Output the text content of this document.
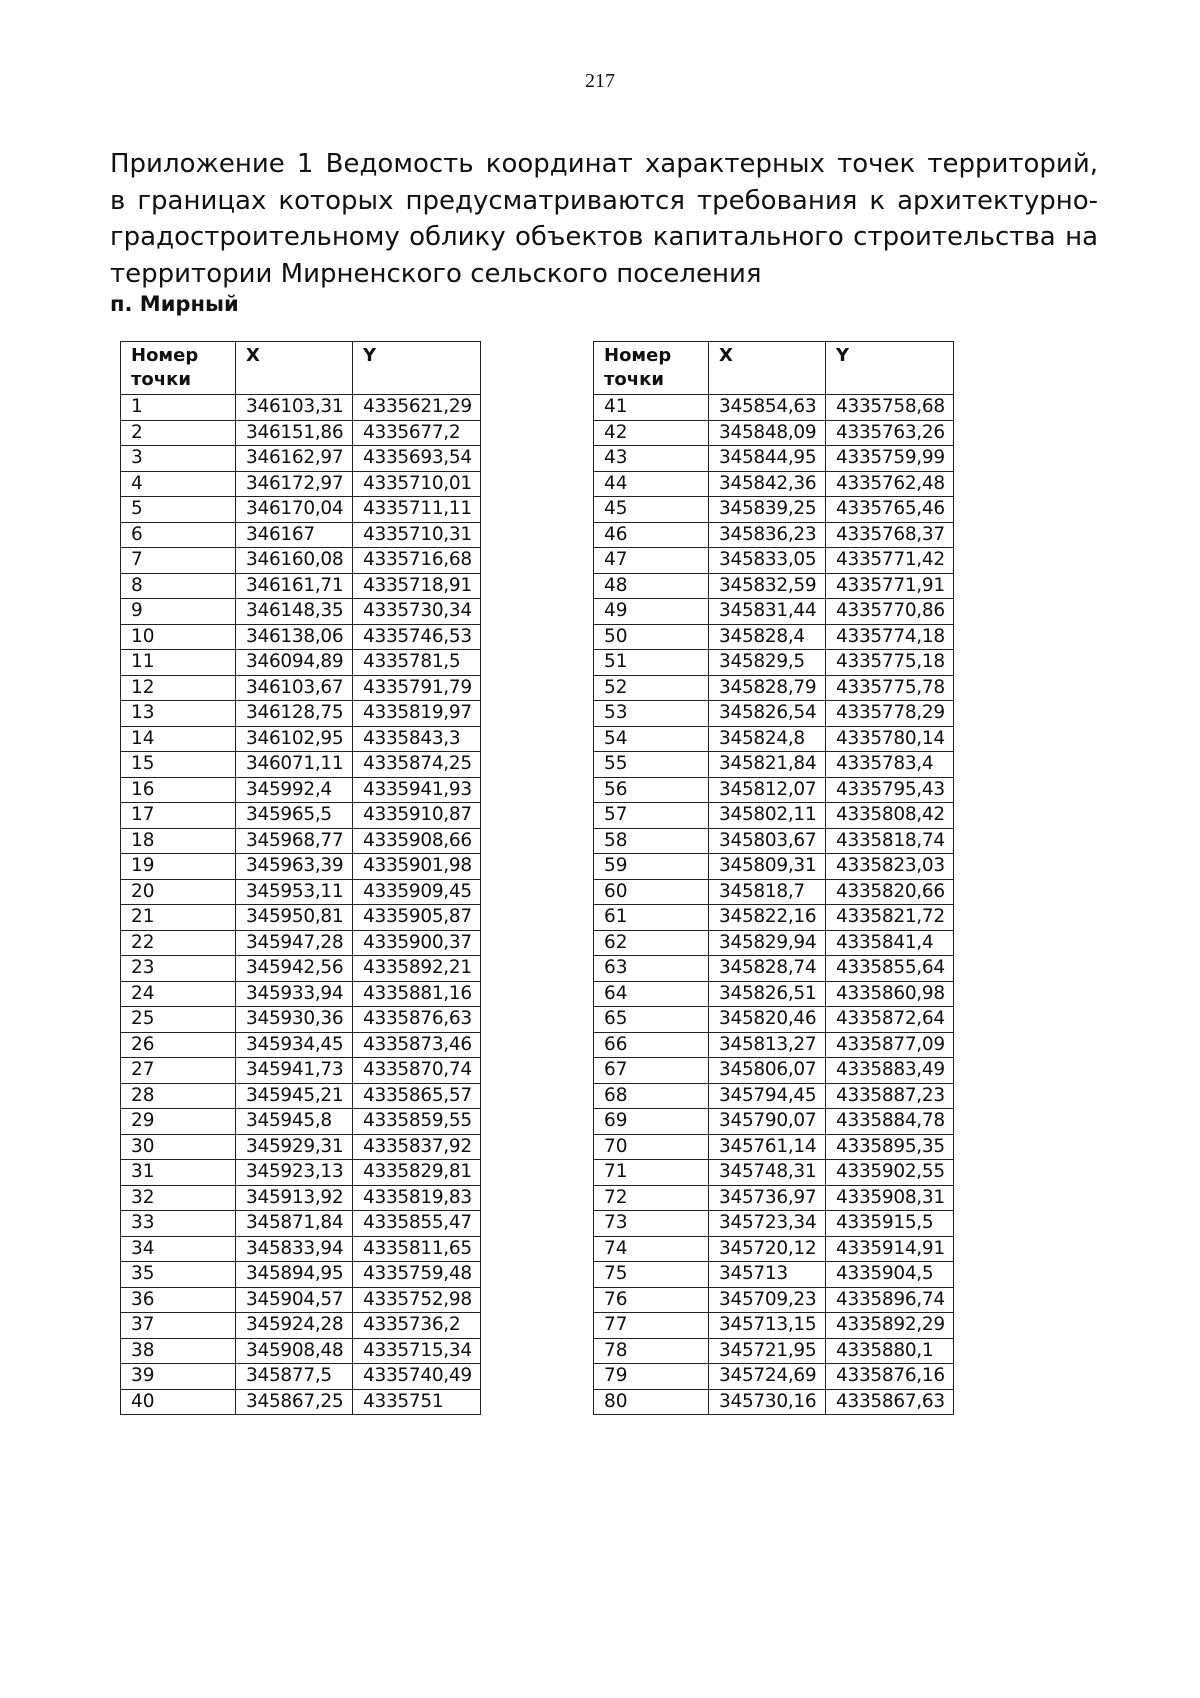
217

Приложение 1 Ведомость координат характерных точек территорий, в границах которых предусматриваются требования к архитектурно-градостроительному облику объектов капитального строительства на территории Мирненского сельского поселения

п. Мирный
Номер точки	X	Y
1	346103,31	4335621,29
2	346151,86	4335677,2
3	346162,97	4335693,54
4	346172,97	4335710,01
5	346170,04	4335711,11
6	346167	4335710,31
7	346160,08	4335716,68
8	346161,71	4335718,91
9	346148,35	4335730,34
10	346138,06	4335746,53
11	346094,89	4335781,5
12	346103,67	4335791,79
13	346128,75	4335819,97
14	346102,95	4335843,3
15	346071,11	4335874,25
16	345992,4	4335941,93
17	345965,5	4335910,87
18	345968,77	4335908,66
19	345963,39	4335901,98
20	345953,11	4335909,45
21	345950,81	4335905,87
22	345947,28	4335900,37
23	345942,56	4335892,21
24	345933,94	4335881,16
25	345930,36	4335876,63
26	345934,45	4335873,46
27	345941,73	4335870,74
28	345945,21	4335865,57
29	345945,8	4335859,55
30	345929,31	4335837,92
31	345923,13	4335829,81
32	345913,92	4335819,83
33	345871,84	4335855,47
34	345833,94	4335811,65
35	345894,95	4335759,48
36	345904,57	4335752,98
37	345924,28	4335736,2
38	345908,48	4335715,34
39	345877,5	4335740,49
40	345867,25	4335751
Номер точки	X	Y
41	345854,63	4335758,68
42	345848,09	4335763,26
43	345844,95	4335759,99
44	345842,36	4335762,48
45	345839,25	4335765,46
46	345836,23	4335768,37
47	345833,05	4335771,42
48	345832,59	4335771,91
49	345831,44	4335770,86
50	345828,4	4335774,18
51	345829,5	4335775,18
52	345828,79	4335775,78
53	345826,54	4335778,29
54	345824,8	4335780,14
55	345821,84	4335783,4
56	345812,07	4335795,43
57	345802,11	4335808,42
58	345803,67	4335818,74
59	345809,31	4335823,03
60	345818,7	4335820,66
61	345822,16	4335821,72
62	345829,94	4335841,4
63	345828,74	4335855,64
64	345826,51	4335860,98
65	345820,46	4335872,64
66	345813,27	4335877,09
67	345806,07	4335883,49
68	345794,45	4335887,23
69	345790,07	4335884,78
70	345761,14	4335895,35
71	345748,31	4335902,55
72	345736,97	4335908,31
73	345723,34	4335915,5
74	345720,12	4335914,91
75	345713	4335904,5
76	345709,23	4335896,74
77	345713,15	4335892,29
78	345721,95	4335880,1
79	345724,69	4335876,16
80	345730,16	4335867,63
